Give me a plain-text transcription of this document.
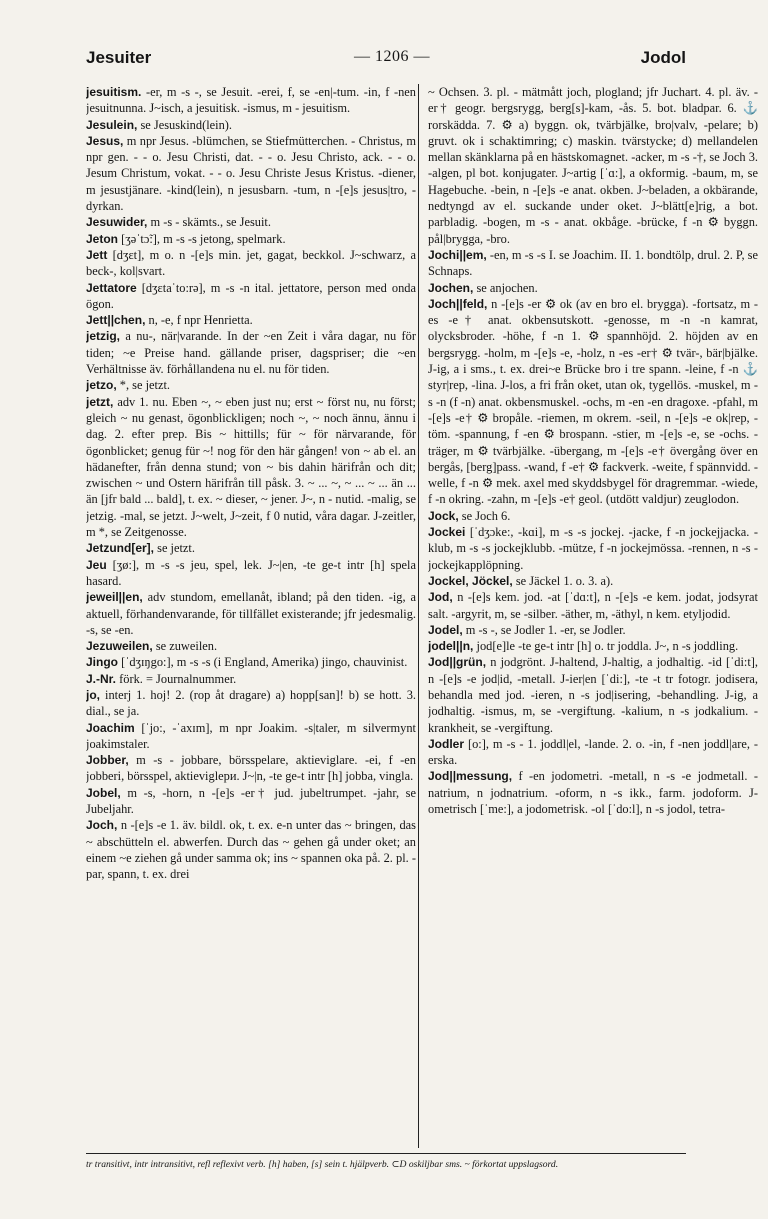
Jesuiter	— 1206 —	Jodol

jesuitism. -er, m -s -, se Jesuit. -erei, f, se -en|-tum. -in, f -nen jesuitnunna. J~isch, a jesuitisk. -ismus, m - jesuitism.

Jesulein, se Jesuskind(lein).

Jesus, m npr Jesus. -blümchen, se Stiefmütterchen. - Christus, m npr gen. - - o. Jesu Christi, dat. - - o. Jesu Christo, ack. - - o. Jesum Christum, vokat. - - o. Jesu Christe Jesus Kristus. -diener, m jesustjänare. -kind(lein), n jesusbarn. -tum, n -[e]s jesus|tro, -dyrkan.

Jesuwider, m -s - skämts., se Jesuit.

Jeton [ʒəˈtɔ̃:], m -s -s jetong, spelmark.

Jett [dʒɛt], m o. n -[e]s min. jet, gagat, beckkol. J~schwarz, a beck-, kol|svart.

Jettatore [dʒɛtaˈto:rə], m -s -n ital. jettatore, person med onda ögon.

Jett||chen, n, -e, f npr Henrietta.

jetzig, a nu-, när|varande. In der ~en Zeit i våra dagar, nu för tiden; ~e Preise hand. gällande priser, dagspriser; die ~en Verhältnisse äv. förhållandena nu el. nu för tiden.

jetzo, *, se jetzt.

jetzt, adv 1. nu. Eben ~, ~ eben just nu; erst ~ först nu, nu först; gleich ~ nu genast, ögonblickligen; noch ~, ~ noch ännu, ännu i dag. 2. efter prep. Bis ~ hittills; für ~ för närvarande, för ögonblicket; genug für ~! nog för den här gången! von ~ ab el. an hädanefter, från denna stund; von ~ bis dahin härifrån och dit; zwischen ~ und Ostern härifrån till påsk. 3. ~ ... ~, ~ ... ~ ... än ... än [jfr bald ... bald], t. ex. ~ dieser, ~ jener. J~, n - nutid. -malig, se jetzig. -mal, se jetzt. J~welt, J~zeit, f 0 nutid, våra dagar. J-zeitler, m *, se Zeitgenosse.

Jetzund[er], se jetzt.

Jeu [ʒø:], m -s -s jeu, spel, lek. J~|en, -te ge-t intr [h] spela hasard.

jeweil||en, adv stundom, emellanåt, ibland; på den tiden. -ig, a aktuell, förhandenvarande, för tillfället existerande; jfr jedesmalig. -s, se -en.

Jezuweilen, se zuweilen.

Jingo [ˈdʒɪŋgo:], m -s -s (i England, Amerika) jingo, chauvinist.

J.-Nr. förk. = Journalnummer.

jo, interj 1. hoj! 2. (rop åt dragare) a) hopp[san]! b) se hott. 3. dial., se ja.

Joachim [ˈjo:, -ˈaxɪm], m npr Joakim. -s|taler, m silvermynt joakimstaler.

Jobber, m -s - jobbare, börsspelare, aktieviglare. -ei, f -en jobberi, börsspel, aktieviglери. J~|n, -te ge-t intr [h] jobba, vingla.

Jobel, m -s, -horn, n -[e]s -er† jud. jubeltrumpet. -jahr, se Jubeljahr.

Joch, n -[e]s -e 1. äv. bildl. ok, t. ex. e-n unter das ~ bringen, das ~ abschütteln el. abwerfen. Durch das ~ gehen gå under oket; an einem ~e ziehen gå under samma ok; ins ~ spannen oka på. 2. pl. - par, spann, t. ex. drei

~ Ochsen. 3. pl. - mätmått joch, plogland; jfr Juchart. 4. pl. äv. -er† geogr. bergsrygg, berg[s]-kam, -ås. 5. bot. bladpar. 6. ⚓ rorskädda. 7. ⚙ a) byggn. ok, tvärbjälke, bro|valv, -pelare; b) gruvt. ok i schaktimring; c) maskin. tvärstycke; d) mellandelen mellan skänklarna på en hästskomagnet. -acker, m -s -†, se Joch 3. -algen, pl bot. konjugater. J~artig [ˈɑ:], a okformig. -baum, m, se Hagebuche. -bein, n -[e]s -e anat. okben. J~beladen, a okbärande, nedtyngd av el. suckande under oket. J~blätt[e]rig, a bot. parbladig. -bogen, m -s - anat. okbåge. -brücke, f -n ⚙ byggn. pål|brygga, -bro.

Jochi||em, -en, m -s -s I. se Joachim. II. 1. bondtölp, drul. 2. P, se Schnaps.

Jochen, se anjochen.

Joch||feld, n -[e]s -er ⚙ ok (av en bro el. brygga). -fortsatz, m -es -e† anat. okbensutskott. -genosse, m -n -n kamrat, olycksbroder. -höhe, f -n 1. ⚙ spannhöjd. 2. höjden av en bergsrygg. -holm, m -[e]s -e, -holz, n -es -er† ⚙ tvär-, bär|bjälke. J-ig, a i sms., t. ex. drei~e Brücke bro i tre spann. -leine, f -n ⚓ styr|rep, -lina. J-los, a fri från oket, utan ok, tygellös. -muskel, m -s -n (f -n) anat. okbensmuskel. -ochs, m -en -en dragoxe. -pfahl, m -[e]s -e† ⚙ bropåle. -riemen, m okrem. -seil, n -[e]s -e ok|rep, -töm. -spannung, f -en ⚙ brospann. -stier, m -[e]s -e, se -ochs. -träger, m ⚙ tvärbjälke. -übergang, m -[e]s -e† övergång över en bergås, [berg]pass. -wand, f -e† ⚙ fackverk. -weite, f spännvidd. -welle, f -n ⚙ mek. axel med skyddsbygel för dragremmar. -wiede, f -n okring. -zahn, m -[e]s -e† geol. (utdött valdjur) zeuglodon.

Jock, se Joch 6.

Jockei [ˈdʒɔke:, -kɑi], m -s -s jockej. -jacke, f -n jockejjacka. -klub, m -s -s jockejklubb. -mütze, f -n jockejmössa. -rennen, n -s - jockejkapplöpning.

Jockel, Jöckel, se Jäckel 1. o. 3. a).

Jod, n -[e]s kem. jod. -at [ˈdɑ:t], n -[e]s -e kem. jodat, jodsyrat salt. -argyrit, m, se -silber. -äther, m, -äthyl, n kem. etyljodid.

Jodel, m -s -, se Jodler 1. -er, se Jodler.

jodel||n, jod[e]le -te ge-t intr [h] o. tr joddla. J~, n -s joddling.

Jod||grün, n jodgrönt. J-haltend, J-haltig, a jodhaltig. -id [ˈdi:t], n -[e]s -e jod|id, -metall. J-ier|en [ˈdi:], -te -t tr fotogr. jodisera, behandla med jod. -ieren, n -s jod|isering, -behandling. J-ig, a jodhaltig. -ismus, m, se -vergiftung. -kalium, n -s jodkalium. -krankheit, se -vergiftung.

Jodler [o:], m -s - 1. joddl|el, -lande. 2. o. -in, f -nen joddl|are, -erska.

Jod||messung, f -en jodometri. -metall, n -s -e jodmetall. -natrium, n jodnatrium. -oform, n -s ikk., farm. jodoform. J-ometrisch [ˈme:], a jodometrisk. -ol [ˈdo:l], n -s jodol, tetra-

tr transitivt, intr intransitivt, refl reflexivt verb. [h] haben, [s] sein t. hjälpverb. ⊂D oskiljbar sms. ~ förkortat uppslagsord.
